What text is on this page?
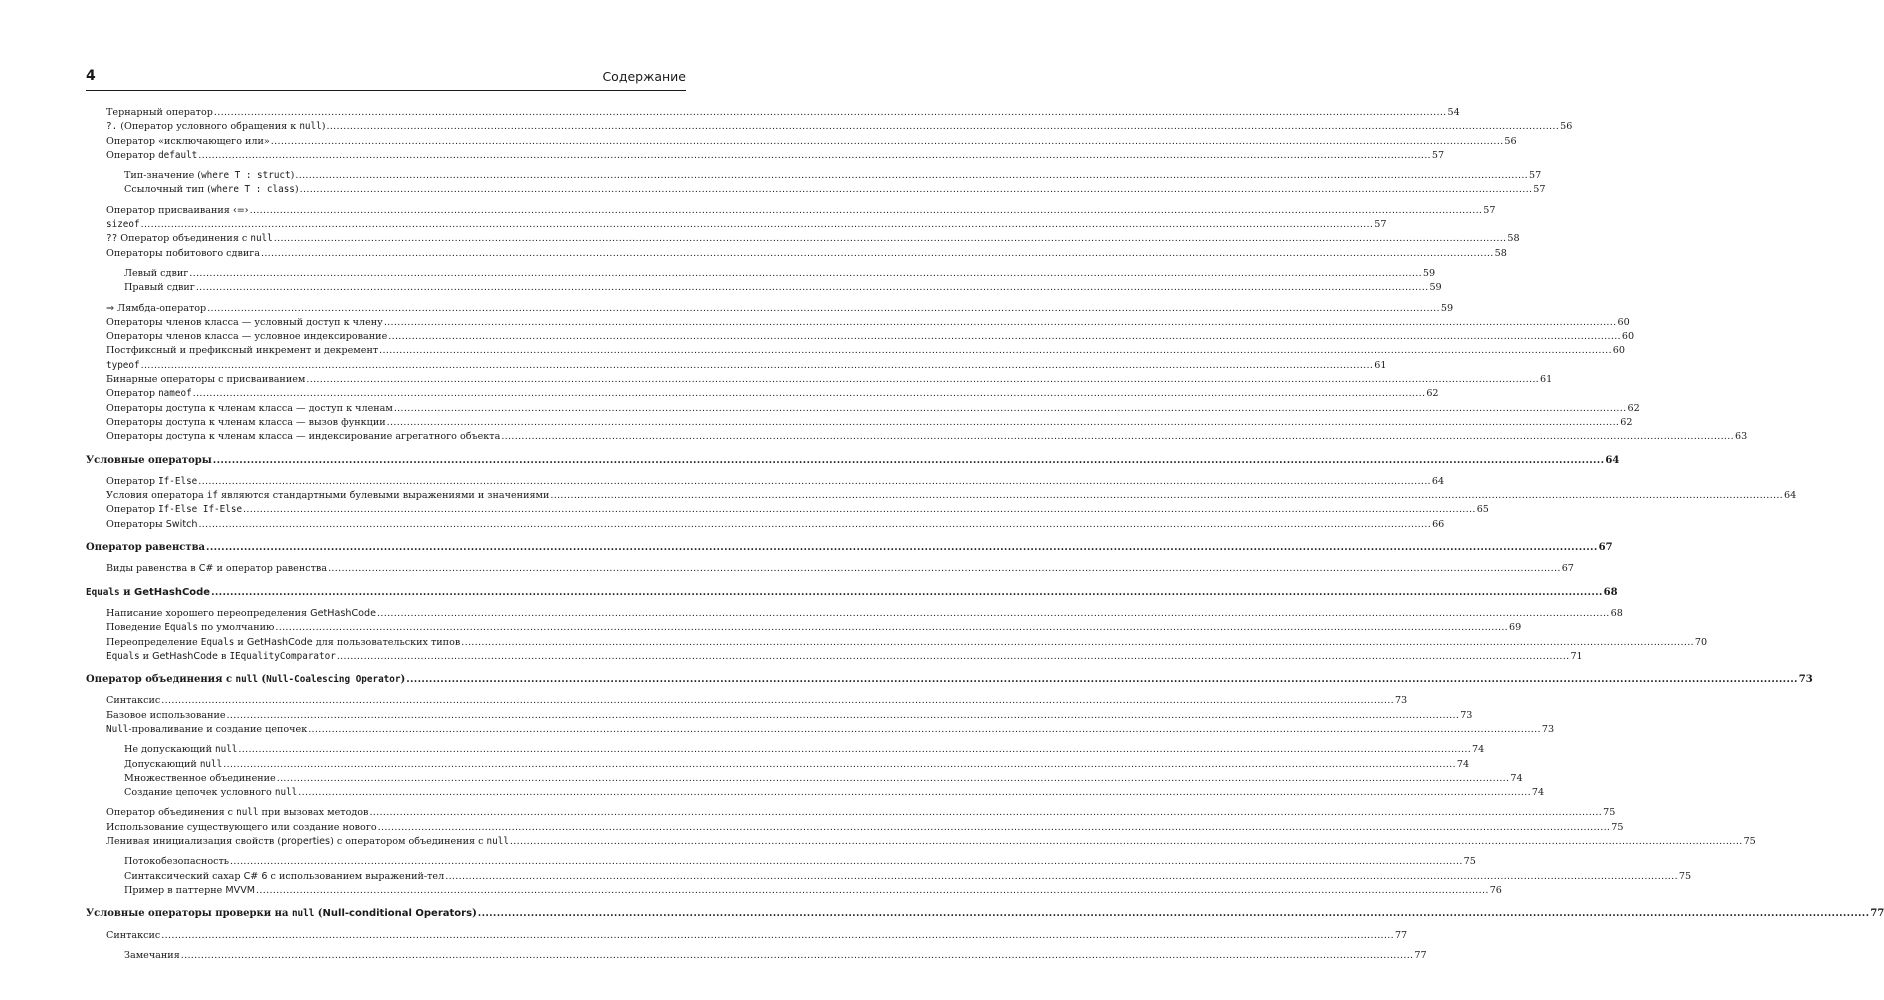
4	Содержание
Тернарный оператор .....	54
?. (Оператор условного обращения к null) .....	56
Оператор «исключающего или» .....	56
Оператор default .....	57
Тип-значение (where T : struct) .....	57
Ссылочный тип (where T : class) .....	57
Оператор присваивания ‹=› .....	57
sizeof .....	57
?? Оператор объединения с null .....	58
Операторы побитового сдвига .....	58
Левый сдвиг .....	59
Правый сдвиг .....	59
⇒ Лямбда-оператор .....	59
Операторы членов класса — условный доступ к члену .....	60
Операторы членов класса — условное индексирование .....	60
Постфиксный и префиксный инкремент и декремент .....	60
typeof .....	61
Бинарные операторы с присваиванием .....	61
Оператор nameof .....	62
Операторы доступа к членам класса — доступ к членам .....	62
Операторы доступа к членам класса — вызов функции .....	62
Операторы доступа к членам класса — индексирование агрегатного объекта .....	63
Условные операторы .....	64
Оператор If-Else .....	64
Условия оператора if являются стандартными булевыми выражениями и значениями .....	64
Оператор If-Else If-Else .....	65
Операторы Switch .....	66
Оператор равенства .....	67
Виды равенства в C# и оператор равенства .....	67
Equals и GetHashCode .....	68
Написание хорошего переопределения GetHashCode .....	68
Поведение Equals по умолчанию .....	69
Переопределение Equals и GetHashCode для пользовательских типов .....	70
Equals и GetHashCode в IEqualityComparator .....	71
Оператор объединения с null (Null-Coalescing Operator) .....	73
Синтаксис .....	73
Базовое использование .....	73
Null-проваливание и создание цепочек .....	73
Не допускающий null .....	74
Допускающий null .....	74
Множественное объединение .....	74
Создание цепочек условного null .....	74
Оператор объединения с null при вызовах методов .....	75
Использование существующего или создание нового .....	75
Ленивая инициализация свойств (properties) с оператором объединения с null .....	75
Потокобезопасность .....	75
Синтаксический сахар C# 6 с использованием выражений-тел .....	75
Пример в паттерне MVVM .....	76
Условные операторы проверки на null (Null-conditional Operators) .....	77
Синтаксис .....	77
Замечания .....	77
